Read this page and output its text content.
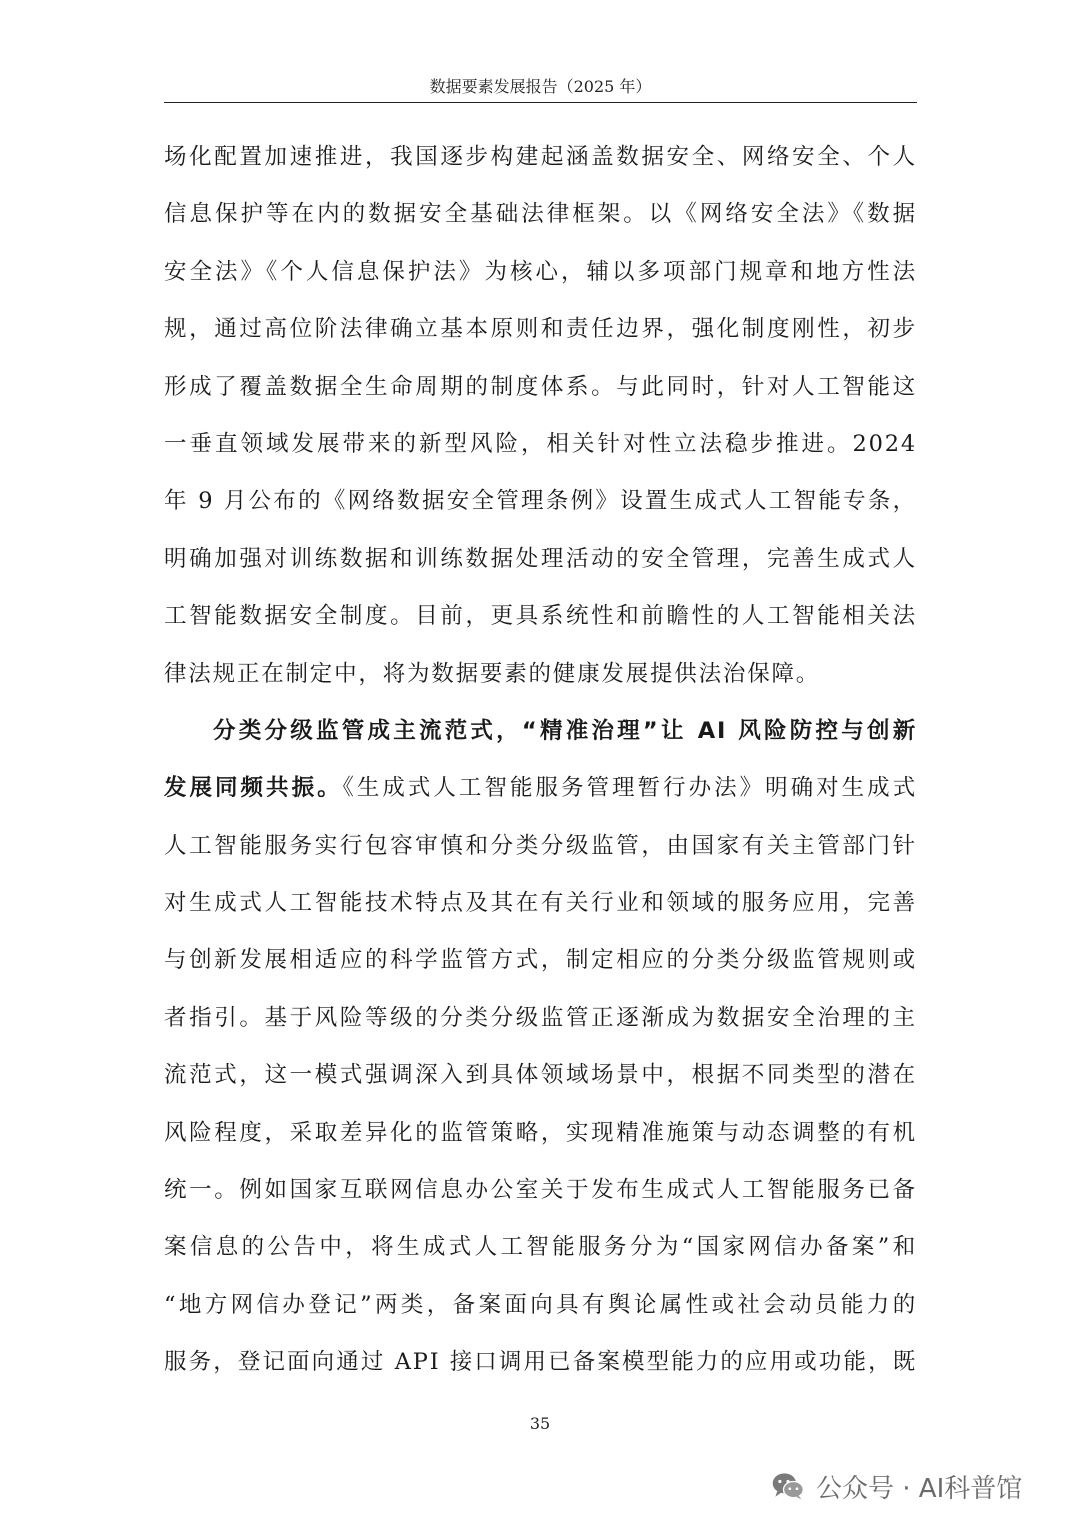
数据要素发展报告（2025 年）
场化配置加速推进，我国逐步构建起涵盖数据安全、网络安全、个人
信息保护等在内的数据安全基础法律框架。以《网络安全法》《数据
安全法》《个人信息保护法》为核心，辅以多项部门规章和地方性法
规，通过高位阶法律确立基本原则和责任边界，强化制度刚性，初步
形成了覆盖数据全生命周期的制度体系。与此同时，针对人工智能这
一垂直领域发展带来的新型风险，相关针对性立法稳步推进。2024
年 9 月公布的《网络数据安全管理条例》设置生成式人工智能专条，
明确加强对训练数据和训练数据处理活动的安全管理，完善生成式人
工智能数据安全制度。目前，更具系统性和前瞻性的人工智能相关法
律法规正在制定中，将为数据要素的健康发展提供法治保障。
分类分级监管成主流范式，“精准治理”让 AI 风险防控与创新
发展同频共振。《生成式人工智能服务管理暂行办法》明确对生成式
人工智能服务实行包容审慎和分类分级监管，由国家有关主管部门针
对生成式人工智能技术特点及其在有关行业和领域的服务应用，完善
与创新发展相适应的科学监管方式，制定相应的分类分级监管规则或
者指引。基于风险等级的分类分级监管正逐渐成为数据安全治理的主
流范式，这一模式强调深入到具体领域场景中，根据不同类型的潜在
风险程度，采取差异化的监管策略，实现精准施策与动态调整的有机
统一。例如国家互联网信息办公室关于发布生成式人工智能服务已备
案信息的公告中，将生成式人工智能服务分为“国家网信办备案”和
“地方网信办登记”两类，备案面向具有舆论属性或社会动员能力的
服务，登记面向通过 API 接口调用已备案模型能力的应用或功能，既
35
公众号 · AI科普馆
